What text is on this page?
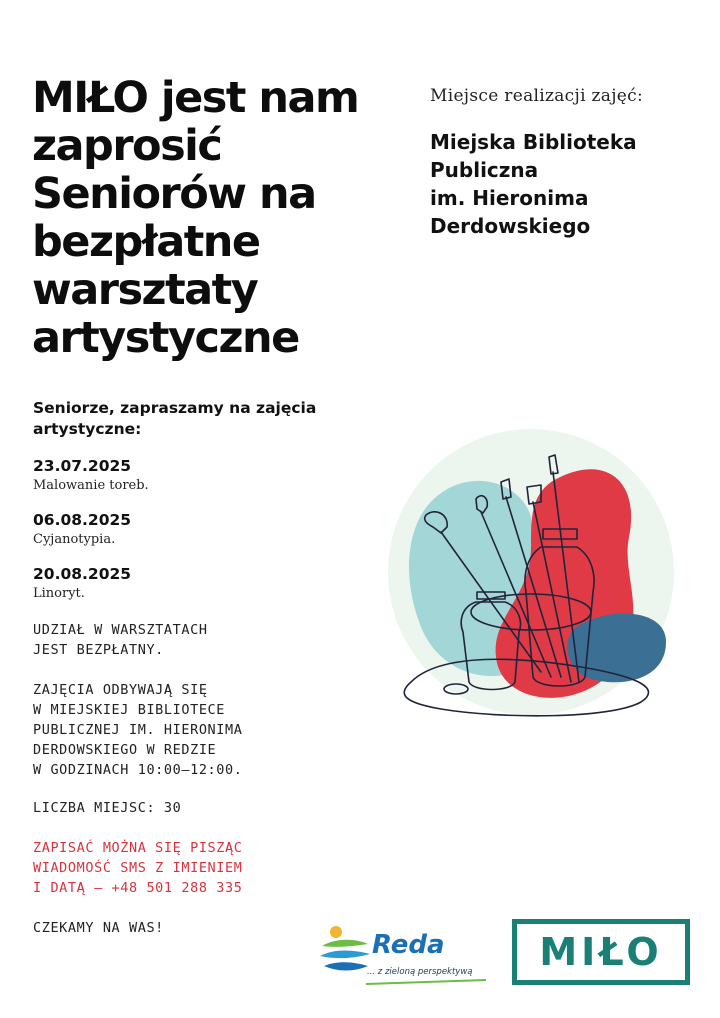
MIŁO jest nam
zaprosić
Seniorów na
bezpłatne
warsztaty
artystyczne
Miejsce realizacji zajęć:
Miejska Biblioteka
Publiczna
im. Hieronima
Derdowskiego
Seniorze, zapraszamy na zajęcia
artystyczne:
23.07.2025
Malowanie toreb.
06.08.2025
Cyjanotypia.
20.08.2025
Linoryt.
UDZIAŁ W WARSZTATACH
JEST BEZPŁATNY.
ZAJĘCIA ODBYWAJĄ SIĘ
W MIEJSKIEJ BIBLIOTECE
PUBLICZNEJ IM. HIERONIMA
DERDOWSKIEGO W REDZIE
W GODZINACH 10:00–12:00.
LICZBA MIEJSC: 30
ZAPISAĆ MOŻNA SIĘ PISZĄC
WIADOMOŚĆ SMS Z IMIENIEM
I DATĄ – +48 501 288 335
CZEKAMY NA WAS!
Reda
... z zieloną perspektywą MIŁO
